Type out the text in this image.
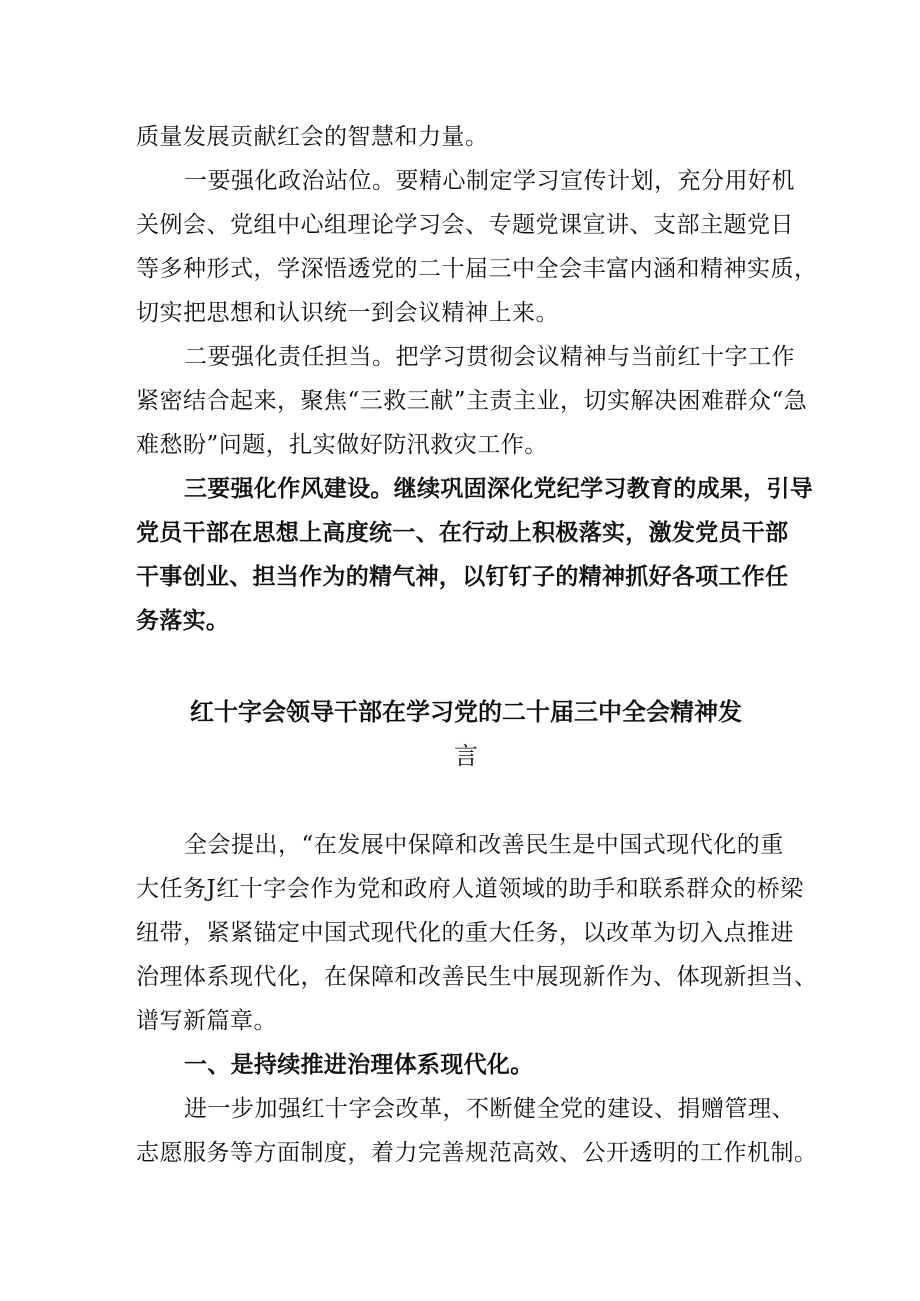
质量发展贡献红会的智慧和力量。
一要强化政治站位。要精心制定学习宣传计划，充分用好机
关例会、党组中心组理论学习会、专题党课宣讲、支部主题党日
等多种形式，学深悟透党的二十届三中全会丰富内涵和精神实质，
切实把思想和认识统一到会议精神上来。
二要强化责任担当。把学习贯彻会议精神与当前红十字工作
紧密结合起来，聚焦“三救三献”主责主业，切实解决困难群众“急
难愁盼”问题，扎实做好防汛救灾工作。
三要强化作风建设。继续巩固深化党纪学习教育的成果，引导
党员干部在思想上高度统一、在行动上积极落实，激发党员干部
干事创业、担当作为的精气神，以钉钉子的精神抓好各项工作任
务落实。
红十字会领导干部在学习党的二十届三中全会精神发
言
全会提出，“在发展中保障和改善民生是中国式现代化的重
大任务J红十字会作为党和政府人道领域的助手和联系群众的桥梁
纽带，紧紧锚定中国式现代化的重大任务，以改革为切入点推进
治理体系现代化，在保障和改善民生中展现新作为、体现新担当、
谱写新篇章。
一、是持续推进治理体系现代化。
进一步加强红十字会改革，不断健全党的建设、捐赠管理、
志愿服务等方面制度，着力完善规范高效、公开透明的工作机制。
